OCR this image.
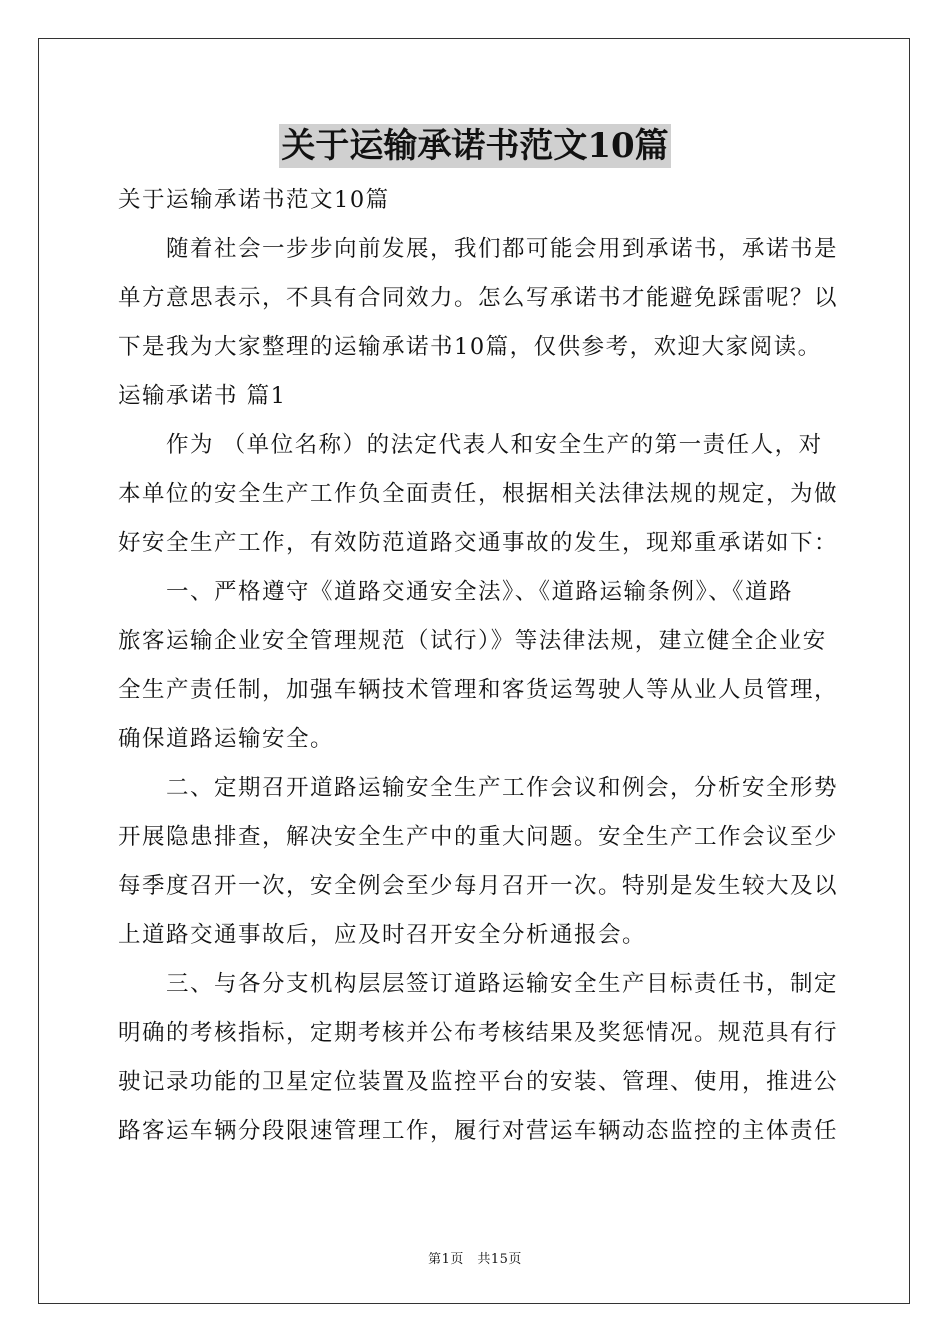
关于运输承诺书范文10篇
关于运输承诺书范文10篇
　　随着社会一步步向前发展，我们都可能会用到承诺书，承诺书是
单方意思表示，不具有合同效力。怎么写承诺书才能避免踩雷呢？以
下是我为大家整理的运输承诺书10篇，仅供参考，欢迎大家阅读。
运输承诺书 篇1
　　作为 （单位名称）的法定代表人和安全生产的第一责任人，对
本单位的安全生产工作负全面责任，根据相关法律法规的规定，为做
好安全生产工作，有效防范道路交通事故的发生，现郑重承诺如下：
　　一、严格遵守《道路交通安全法》、《道路运输条例》、《道路
旅客运输企业安全管理规范（试行）》等法律法规，建立健全企业安
全生产责任制，加强车辆技术管理和客货运驾驶人等从业人员管理，
确保道路运输安全。
　　二、定期召开道路运输安全生产工作会议和例会，分析安全形势
开展隐患排查，解决安全生产中的重大问题。安全生产工作会议至少
每季度召开一次，安全例会至少每月召开一次。特别是发生较大及以
上道路交通事故后，应及时召开安全分析通报会。
　　三、与各分支机构层层签订道路运输安全生产目标责任书，制定
明确的考核指标，定期考核并公布考核结果及奖惩情况。规范具有行
驶记录功能的卫星定位装置及监控平台的安装、管理、使用，推进公
路客运车辆分段限速管理工作，履行对营运车辆动态监控的主体责任
第1页　共15页
